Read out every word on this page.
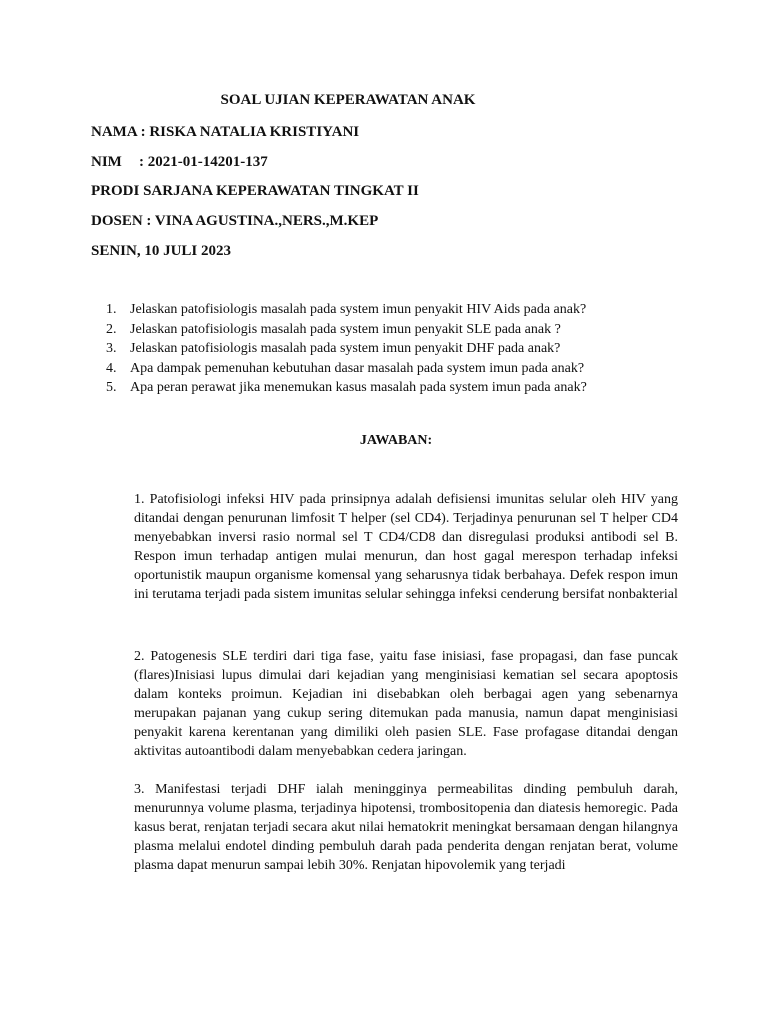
SOAL UJIAN KEPERAWATAN ANAK
NAMA : RISKA NATALIA KRISTIYANI
NIM : 2021-01-14201-137
PRODI SARJANA KEPERAWATAN TINGKAT II
DOSEN : VINA AGUSTINA.,NERS.,M.KEP
SENIN, 10 JULI 2023
1. Jelaskan patofisiologis masalah pada system imun penyakit HIV Aids pada anak?
2. Jelaskan patofisiologis masalah pada system imun penyakit SLE pada anak ?
3. Jelaskan patofisiologis masalah pada system imun penyakit DHF pada anak?
4. Apa dampak pemenuhan kebutuhan dasar masalah pada system imun pada anak?
5. Apa peran perawat jika menemukan kasus masalah pada system imun pada anak?
JAWABAN:

1. Patofisiologi infeksi HIV pada prinsipnya adalah defisiensi imunitas selular oleh HIV yang ditandai dengan penurunan limfosit T helper (sel CD4). Terjadinya penurunan sel T helper CD4 menyebabkan inversi rasio normal sel T CD4/CD8 dan disregulasi produksi antibodi sel B. Respon imun terhadap antigen mulai menurun, dan host gagal merespon terhadap infeksi oportunistik maupun organisme komensal yang seharusnya tidak berbahaya. Defek respon imun ini terutama terjadi pada sistem imunitas selular sehingga infeksi cenderung bersifat nonbakterial

2. Patogenesis SLE terdiri dari tiga fase, yaitu fase inisiasi, fase propagasi, dan fase puncak (flares)Inisiasi lupus dimulai dari kejadian yang menginisiasi kematian sel secara apoptosis dalam konteks proimun. Kejadian ini disebabkan oleh berbagai agen yang sebenarnya merupakan pajanan yang cukup sering ditemukan pada manusia, namun dapat menginisiasi penyakit karena kerentanan yang dimiliki oleh pasien SLE. Fase profagase ditandai dengan aktivitas autoantibodi dalam menyebabkan cedera jaringan.

3. Manifestasi terjadi DHF ialah meningginya permeabilitas dinding pembuluh darah, menurunnya volume plasma, terjadinya hipotensi, trombositopenia dan diatesis hemoregic. Pada kasus berat, renjatan terjadi secara akut nilai hematokrit meningkat bersamaan dengan hilangnya plasma melalui endotel dinding pembuluh darah pada penderita dengan renjatan berat, volume plasma dapat menurun sampai lebih 30%. Renjatan hipovolemik yang terjadi
